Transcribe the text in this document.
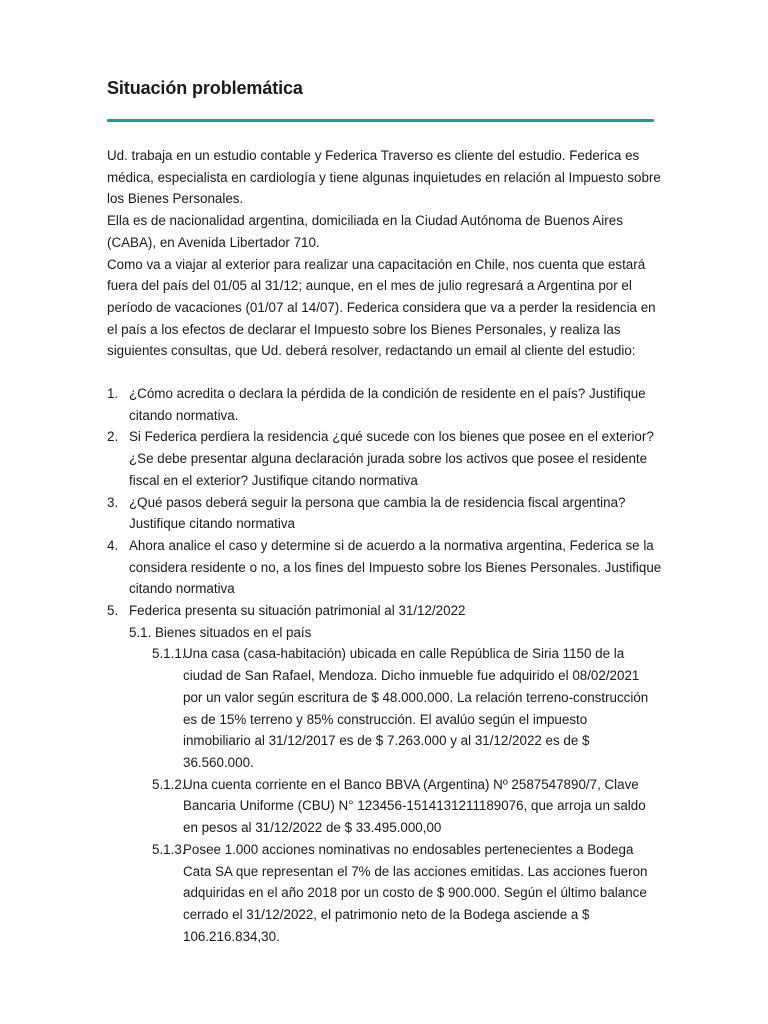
Situación problemática

Ud. trabaja en un estudio contable y Federica Traverso es cliente del estudio. Federica es médica, especialista en cardiología y tiene algunas inquietudes en relación al Impuesto sobre los Bienes Personales.

Ella es de nacionalidad argentina, domiciliada en la Ciudad Autónoma de Buenos Aires (CABA), en Avenida Libertador 710.

Como va a viajar al exterior para realizar una capacitación en Chile, nos cuenta que estará fuera del país del 01/05 al 31/12; aunque, en el mes de julio regresará a Argentina por el período de vacaciones (01/07 al 14/07). Federica considera que va a perder la residencia en el país a los efectos de declarar el Impuesto sobre los Bienes Personales, y realiza las siguientes consultas, que Ud. deberá resolver, redactando un email al cliente del estudio:

1. ¿Cómo acredita o declara la pérdida de la condición de residente en el país? Justifique citando normativa.
2. Si Federica perdiera la residencia ¿qué sucede con los bienes que posee en el exterior? ¿Se debe presentar alguna declaración jurada sobre los activos que posee el residente fiscal en el exterior? Justifique citando normativa
3. ¿Qué pasos deberá seguir la persona que cambia la de residencia fiscal argentina? Justifique citando normativa
4. Ahora analice el caso y determine si de acuerdo a la normativa argentina, Federica se la considera residente o no, a los fines del Impuesto sobre los Bienes Personales. Justifique citando normativa
5. Federica presenta su situación patrimonial al 31/12/2022
5.1. Bienes situados en el país
5.1.1.
Una casa (casa-habitación) ubicada en calle República de Siria 1150 de la ciudad de San Rafael, Mendoza. Dicho inmueble fue adquirido el 08/02/2021 por un valor según escritura de $ 48.000.000. La relación terreno-construcción es de 15% terreno y 85% construcción. El avalúo según el impuesto inmobiliario al 31/12/2017 es de $ 7.263.000 y al 31/12/2022 es de $ 36.560.000.
5.1.2.
Una cuenta corriente en el Banco BBVA (Argentina) Nº 2587547890/7, Clave Bancaria Uniforme (CBU) N° 123456-1514131211189076, que arroja un saldo en pesos al 31/12/2022 de $ 33.495.000,00
5.1.3.
Posee 1.000 acciones nominativas no endosables pertenecientes a Bodega Cata SA que representan el 7% de las acciones emitidas. Las acciones fueron adquiridas en el año 2018 por un costo de $ 900.000. Según el último balance cerrado el 31/12/2022, el patrimonio neto de la Bodega asciende a $ 106.216.834,30.
